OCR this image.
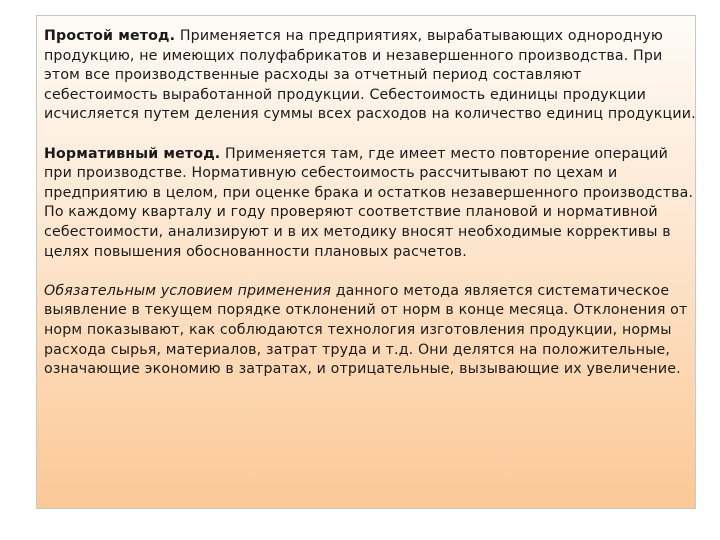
Простой метод. Применяется на предприятиях, вырабатывающих однородную
продукцию, не имеющих полуфабрикатов и незавершенного производства. При
этом все производственные расходы за отчетный период составляют
себестоимость выработанной продукции. Себестоимость единицы продукции
исчисляется путем деления суммы всех расходов на количество единиц продукции.

Нормативный метод. Применяется там, где имеет место повторение операций
при производстве. Нормативную себестоимость рассчитывают по цехам и
предприятию в целом, при оценке брака и остатков незавершенного производства.
По каждому кварталу и году проверяют соответствие плановой и нормативной
себестоимости, анализируют и в их методику вносят необходимые коррективы в
целях повышения обоснованности плановых расчетов.

Обязательным условием применения данного метода является систематическое
выявление в текущем порядке отклонений от норм в конце месяца. Отклонения от
норм показывают, как соблюдаются технология изготовления продукции, нормы
расхода сырья, материалов, затрат труда и т.д. Они делятся на положительные,
означающие экономию в затратах, и отрицательные, вызывающие их увеличение.
